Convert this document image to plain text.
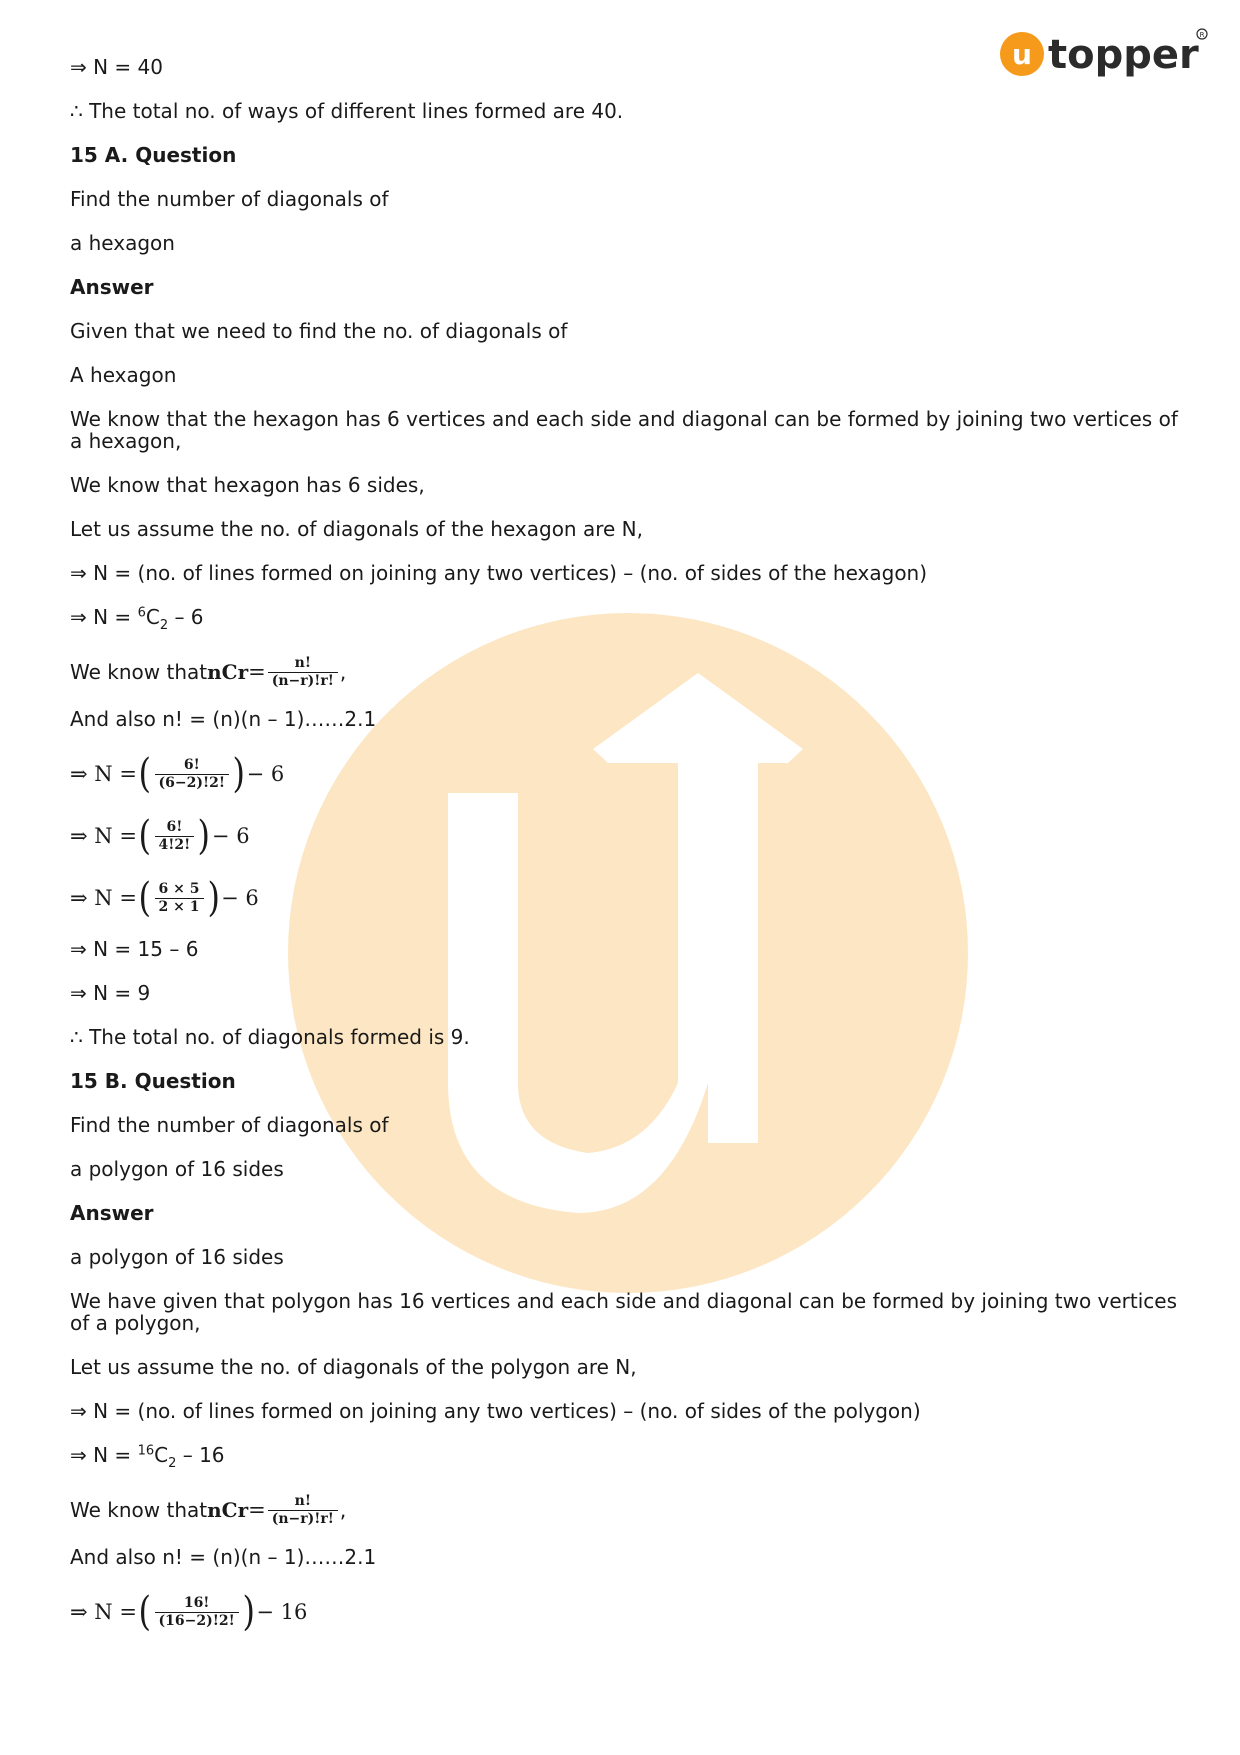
u topper R
⇒ N = 40
∴ The total no. of ways of different lines formed are 40.
15 A. Question
Find the number of diagonals of
a hexagon
Answer
Given that we need to find the no. of diagonals of
A hexagon
We know that the hexagon has 6 vertices and each side and diagonal can be formed by joining two vertices of a hexagon,
We know that hexagon has 6 sides,
Let us assume the no. of diagonals of the hexagon are N,
⇒ N = (no. of lines formed on joining any two vertices) – (no. of sides of the hexagon)
⇒ $N = ^6C_2 - 6$
We know that n C $r = \frac{n!}{(n-r)!r!}$ ,
And also n! = (n)(n – 1)……2.1
⇒ N = ( $\frac{6!}{(6-2)!2!}$ ) − 6
⇒ N = ( $\frac{6!}{4!2!}$ ) − 6
⇒ N = ( $\frac{6 \times 5}{2 \times 1}$ ) − 6
⇒ N = 15 – 6
⇒ N = 9
∴ The total no. of diagonals formed is 9.
15 B. Question
Find the number of diagonals of
a polygon of 16 sides
Answer
a polygon of 16 sides
We have given that polygon has 16 vertices and each side and diagonal can be formed by joining two vertices of a polygon,
Let us assume the no. of diagonals of the polygon are N,
⇒ N = (no. of lines formed on joining any two vertices) – (no. of sides of the polygon)
⇒ $N = ^{16}C_2 - 16$
We know that n C $r = \frac{n!}{(n-r)!r!}$ ,
And also n! = (n)(n – 1)……2.1
⇒ N = ( $\frac{16!}{(16-2)!2!}$ ) − 16
